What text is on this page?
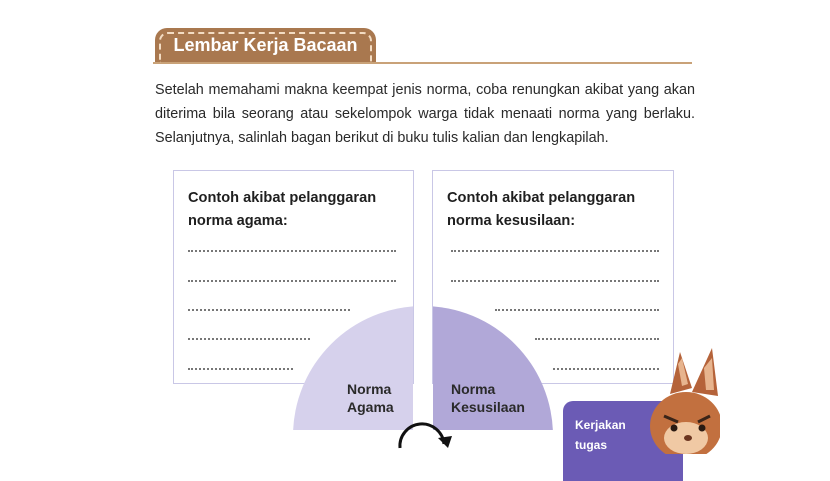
Lembar Kerja Bacaan

Setelah memahami makna keempat jenis norma, coba renungkan akibat yang akan diterima bila seorang atau sekelompok warga tidak menaati norma yang berlaku. Selanjutnya, salinlah bagan berikut di buku tulis kalian dan lengkapilah.

Contoh akibat pelanggaran norma agama:
Contoh akibat pelanggaran norma kesusilaan:
Norma
Agama
Norma
Kesusilaan
Kerjakan tugas
